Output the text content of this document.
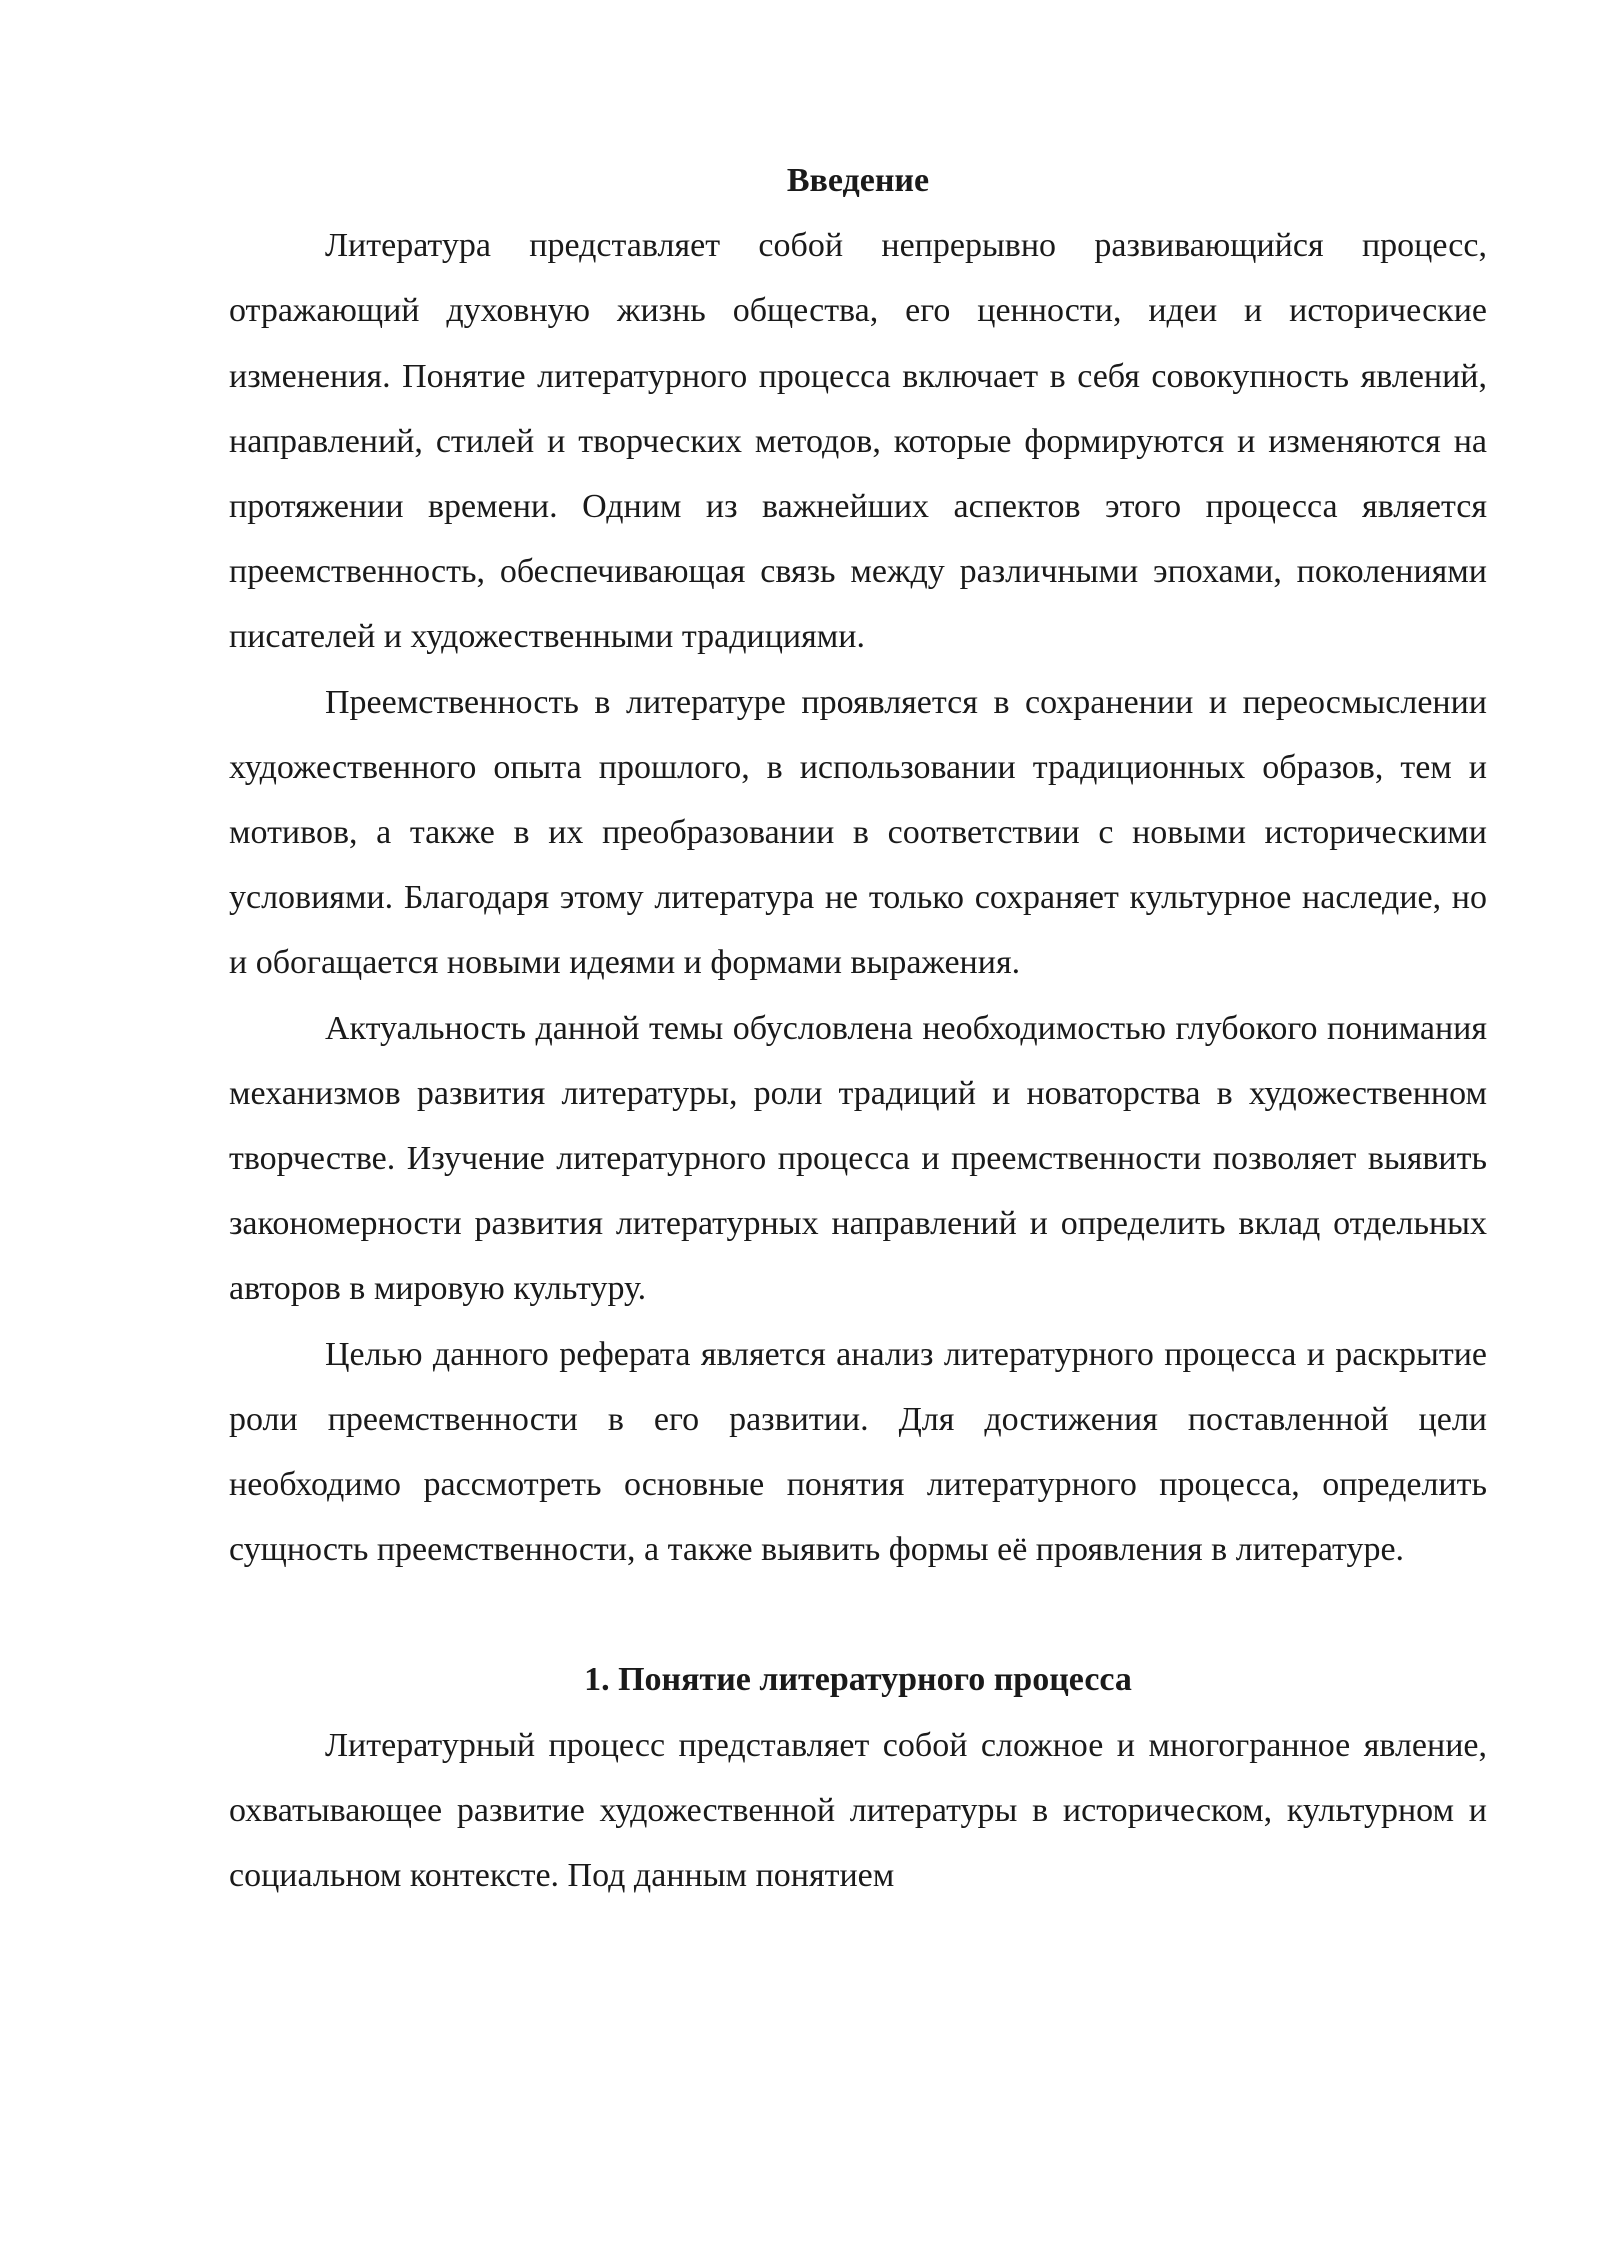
Введение

Литература представляет собой непрерывно развивающийся процесс, отражающий духовную жизнь общества, его ценности, идеи и исторические изменения. Понятие литературного процесса включает в себя совокупность явлений, направлений, стилей и творческих методов, которые формируются и изменяются на протяжении времени. Одним из важнейших аспектов этого процесса является преемственность, обеспечивающая связь между различными эпохами, поколениями писателей и художественными традициями.

Преемственность в литературе проявляется в сохранении и переосмыслении художественного опыта прошлого, в использовании традиционных образов, тем и мотивов, а также в их преобразовании в соответствии с новыми историческими условиями. Благодаря этому литература не только сохраняет культурное наследие, но и обогащается новыми идеями и формами выражения.

Актуальность данной темы обусловлена необходимостью глубокого понимания механизмов развития литературы, роли традиций и новаторства в художественном творчестве. Изучение литературного процесса и преемственности позволяет выявить закономерности развития литературных направлений и определить вклад отдельных авторов в мировую культуру.

Целью данного реферата является анализ литературного процесса и раскрытие роли преемственности в его развитии. Для достижения поставленной цели необходимо рассмотреть основные понятия литературного процесса, определить сущность преемственности, а также выявить формы её проявления в литературе.

1. Понятие литературного процесса

Литературный процесс представляет собой сложное и многогранное явление, охватывающее развитие художественной литературы в историческом, культурном и социальном контексте. Под данным понятием
